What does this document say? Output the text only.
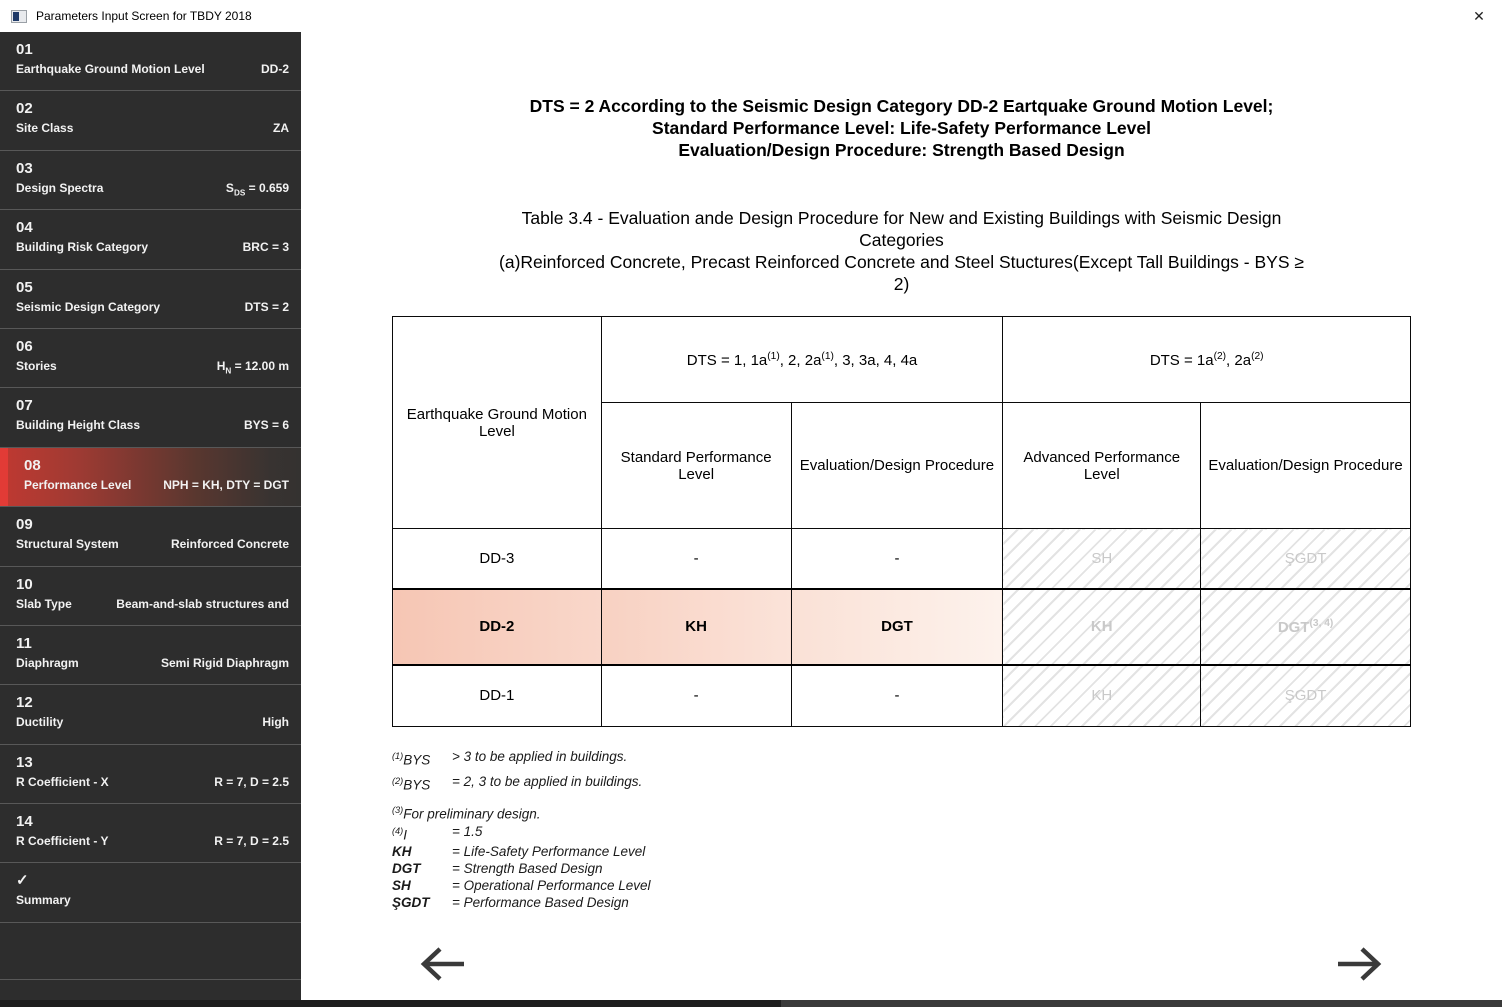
Parameters Input Screen for TBDY 2018	✕
01
Earthquake Ground Motion Level	DD-2
02
Site Class	ZA
03
Design Spectra	$S_{DS} = 0.659$
04
Building Risk Category	BRC = 3
05
Seismic Design Category	DTS = 2
06
Stories	$H_N = 12.00$ m
07
Building Height Class	BYS = 6
08
Performance Level	NPH = KH, DTY = DGT
09
Structural System	Reinforced Concrete
10
Slab Type	Beam-and-slab structures and
11
Diaphragm	Semi Rigid Diaphragm
12
Ductility	High
13
R Coefficient - X	R = 7, D = 2.5
14
R Coefficient - Y	R = 7, D = 2.5
✓
Summary
DTS = 2 According to the Seismic Design Category DD-2 Eartquake Ground Motion Level;
Standard Performance Level: Life-Safety Performance Level
Evaluation/Design Procedure: Strength Based Design
Table 3.4 - Evaluation ande Design Procedure for New and Existing Buildings with Seismic Design
Categories
(a)Reinforced Concrete, Precast Reinforced Concrete and Steel Stuctures(Except Tall Buildings - BYS ≥
2)
Earthquake Ground Motion Level	DTS = 1, $1a^{(1)}$, 2, $2a^{(1)}$, 3, 3a, 4, 4a		DTS = $1a^{(2)}$, $2a^{(2)}$
	Standard Performance Level	Evaluation/Design Procedure	Advanced Performance Level	Evaluation/Design Procedure
DD-3	-	-	SH	ŞGDT
DD-2	KH	DGT	KH	DGT$^{(3, 4)}$
DD-1	-	-	KH	ŞGDT
$^{(1)}$BYS	> 3 to be applied in buildings.
$^{(2)}$BYS	= 2, 3 to be applied in buildings.
$^{(3)}$For preliminary design.
$^{(4)}$I	= 1.5
KH	= Life-Safety Performance Level
DGT	= Strength Based Design
SH	= Operational Performance Level
ŞGDT	= Performance Based Design
